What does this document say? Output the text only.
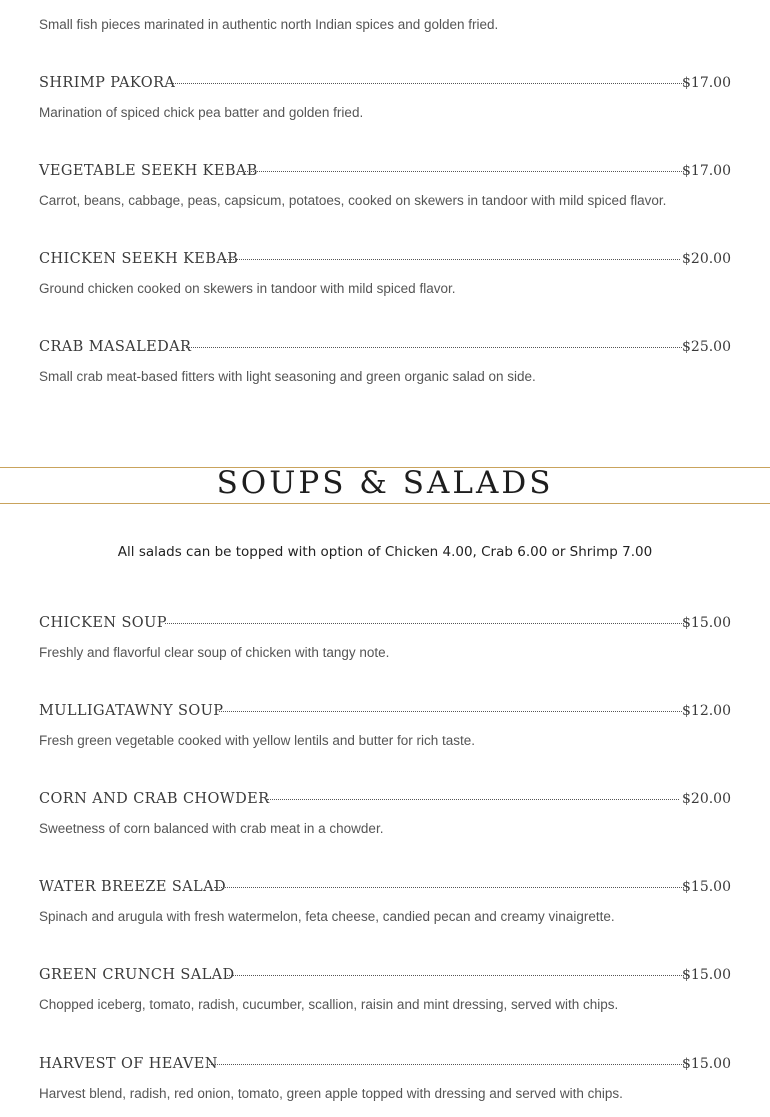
Small fish pieces marinated in authentic north Indian spices and golden fried.
SHRIMP PAKORA	$17.00
Marination of spiced chick pea batter and golden fried.
VEGETABLE SEEKH KEBAB	$17.00
Carrot, beans, cabbage, peas, capsicum, potatoes, cooked on skewers in tandoor with mild spiced flavor.
CHICKEN SEEKH KEBAB	$20.00
Ground chicken cooked on skewers in tandoor with mild spiced flavor.
CRAB MASALEDAR	$25.00
Small crab meat-based fitters with light seasoning and green organic salad on side.
SOUPS & SALADS
All salads can be topped with option of Chicken 4.00, Crab 6.00 or Shrimp 7.00
CHICKEN SOUP	$15.00
Freshly and flavorful clear soup of chicken with tangy note.
MULLIGATAWNY SOUP	$12.00
Fresh green vegetable cooked with yellow lentils and butter for rich taste.
CORN AND CRAB CHOWDER	$20.00
Sweetness of corn balanced with crab meat in a chowder.
WATER BREEZE SALAD	$15.00
Spinach and arugula with fresh watermelon, feta cheese, candied pecan and creamy vinaigrette.
GREEN CRUNCH SALAD	$15.00
Chopped iceberg, tomato, radish, cucumber, scallion, raisin and mint dressing, served with chips.
HARVEST OF HEAVEN	$15.00
Harvest blend, radish, red onion, tomato, green apple topped with dressing and served with chips.
